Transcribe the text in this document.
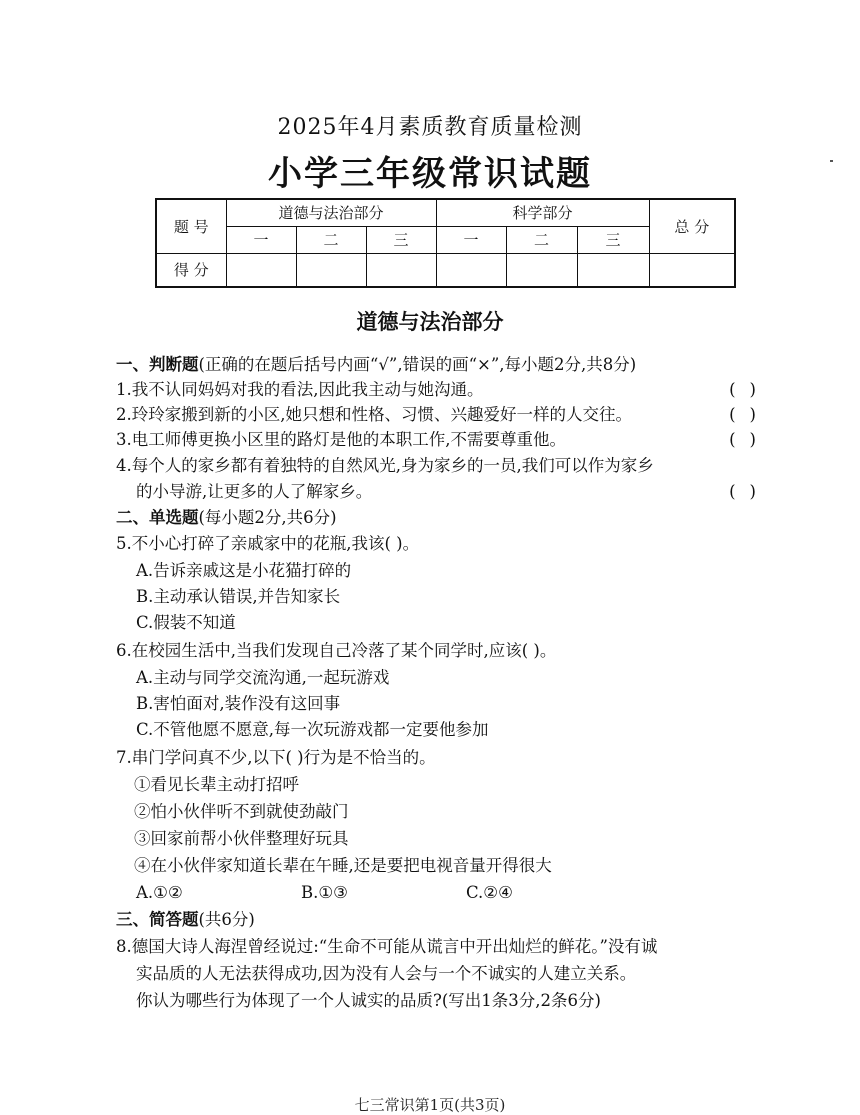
2025年4月素质教育质量检测
小学三年级常识试题
题 号	道德与法治部分			科学部分			总 分
	一	二	三	一	二	三	
得 分							
道德与法治部分
一、判断题(正确的在题后括号内画“√”,错误的画“×”,每小题2分,共8分)
1.我不认同妈妈对我的看法,因此我主动与她沟通。	()
2.玲玲家搬到新的小区,她只想和性格、习惯、兴趣爱好一样的人交往。	()
3.电工师傅更换小区里的路灯是他的本职工作,不需要尊重他。	()
4.每个人的家乡都有着独特的自然风光,身为家乡的一员,我们可以作为家乡
的小导游,让更多的人了解家乡。	()
二、单选题(每小题2分,共6分)
5.不小心打碎了亲戚家中的花瓶,我该( )。
A.告诉亲戚这是小花猫打碎的
B.主动承认错误,并告知家长
C.假装不知道
6.在校园生活中,当我们发现自己冷落了某个同学时,应该( )。
A.主动与同学交流沟通,一起玩游戏
B.害怕面对,装作没有这回事
C.不管他愿不愿意,每一次玩游戏都一定要他参加
7.串门学问真不少,以下( )行为是不恰当的。
①看见长辈主动打招呼
②怕小伙伴听不到就使劲敲门
③回家前帮小伙伴整理好玩具
④在小伙伴家知道长辈在午睡,还是要把电视音量开得很大
A.①②	B.①③	C.②④
三、简答题(共6分)
8.德国大诗人海涅曾经说过:“生命不可能从谎言中开出灿烂的鲜花。”没有诚
实品质的人无法获得成功,因为没有人会与一个不诚实的人建立关系。
你认为哪些行为体现了一个人诚实的品质?(写出1条3分,2条6分)
七三常识第1页(共3页)
